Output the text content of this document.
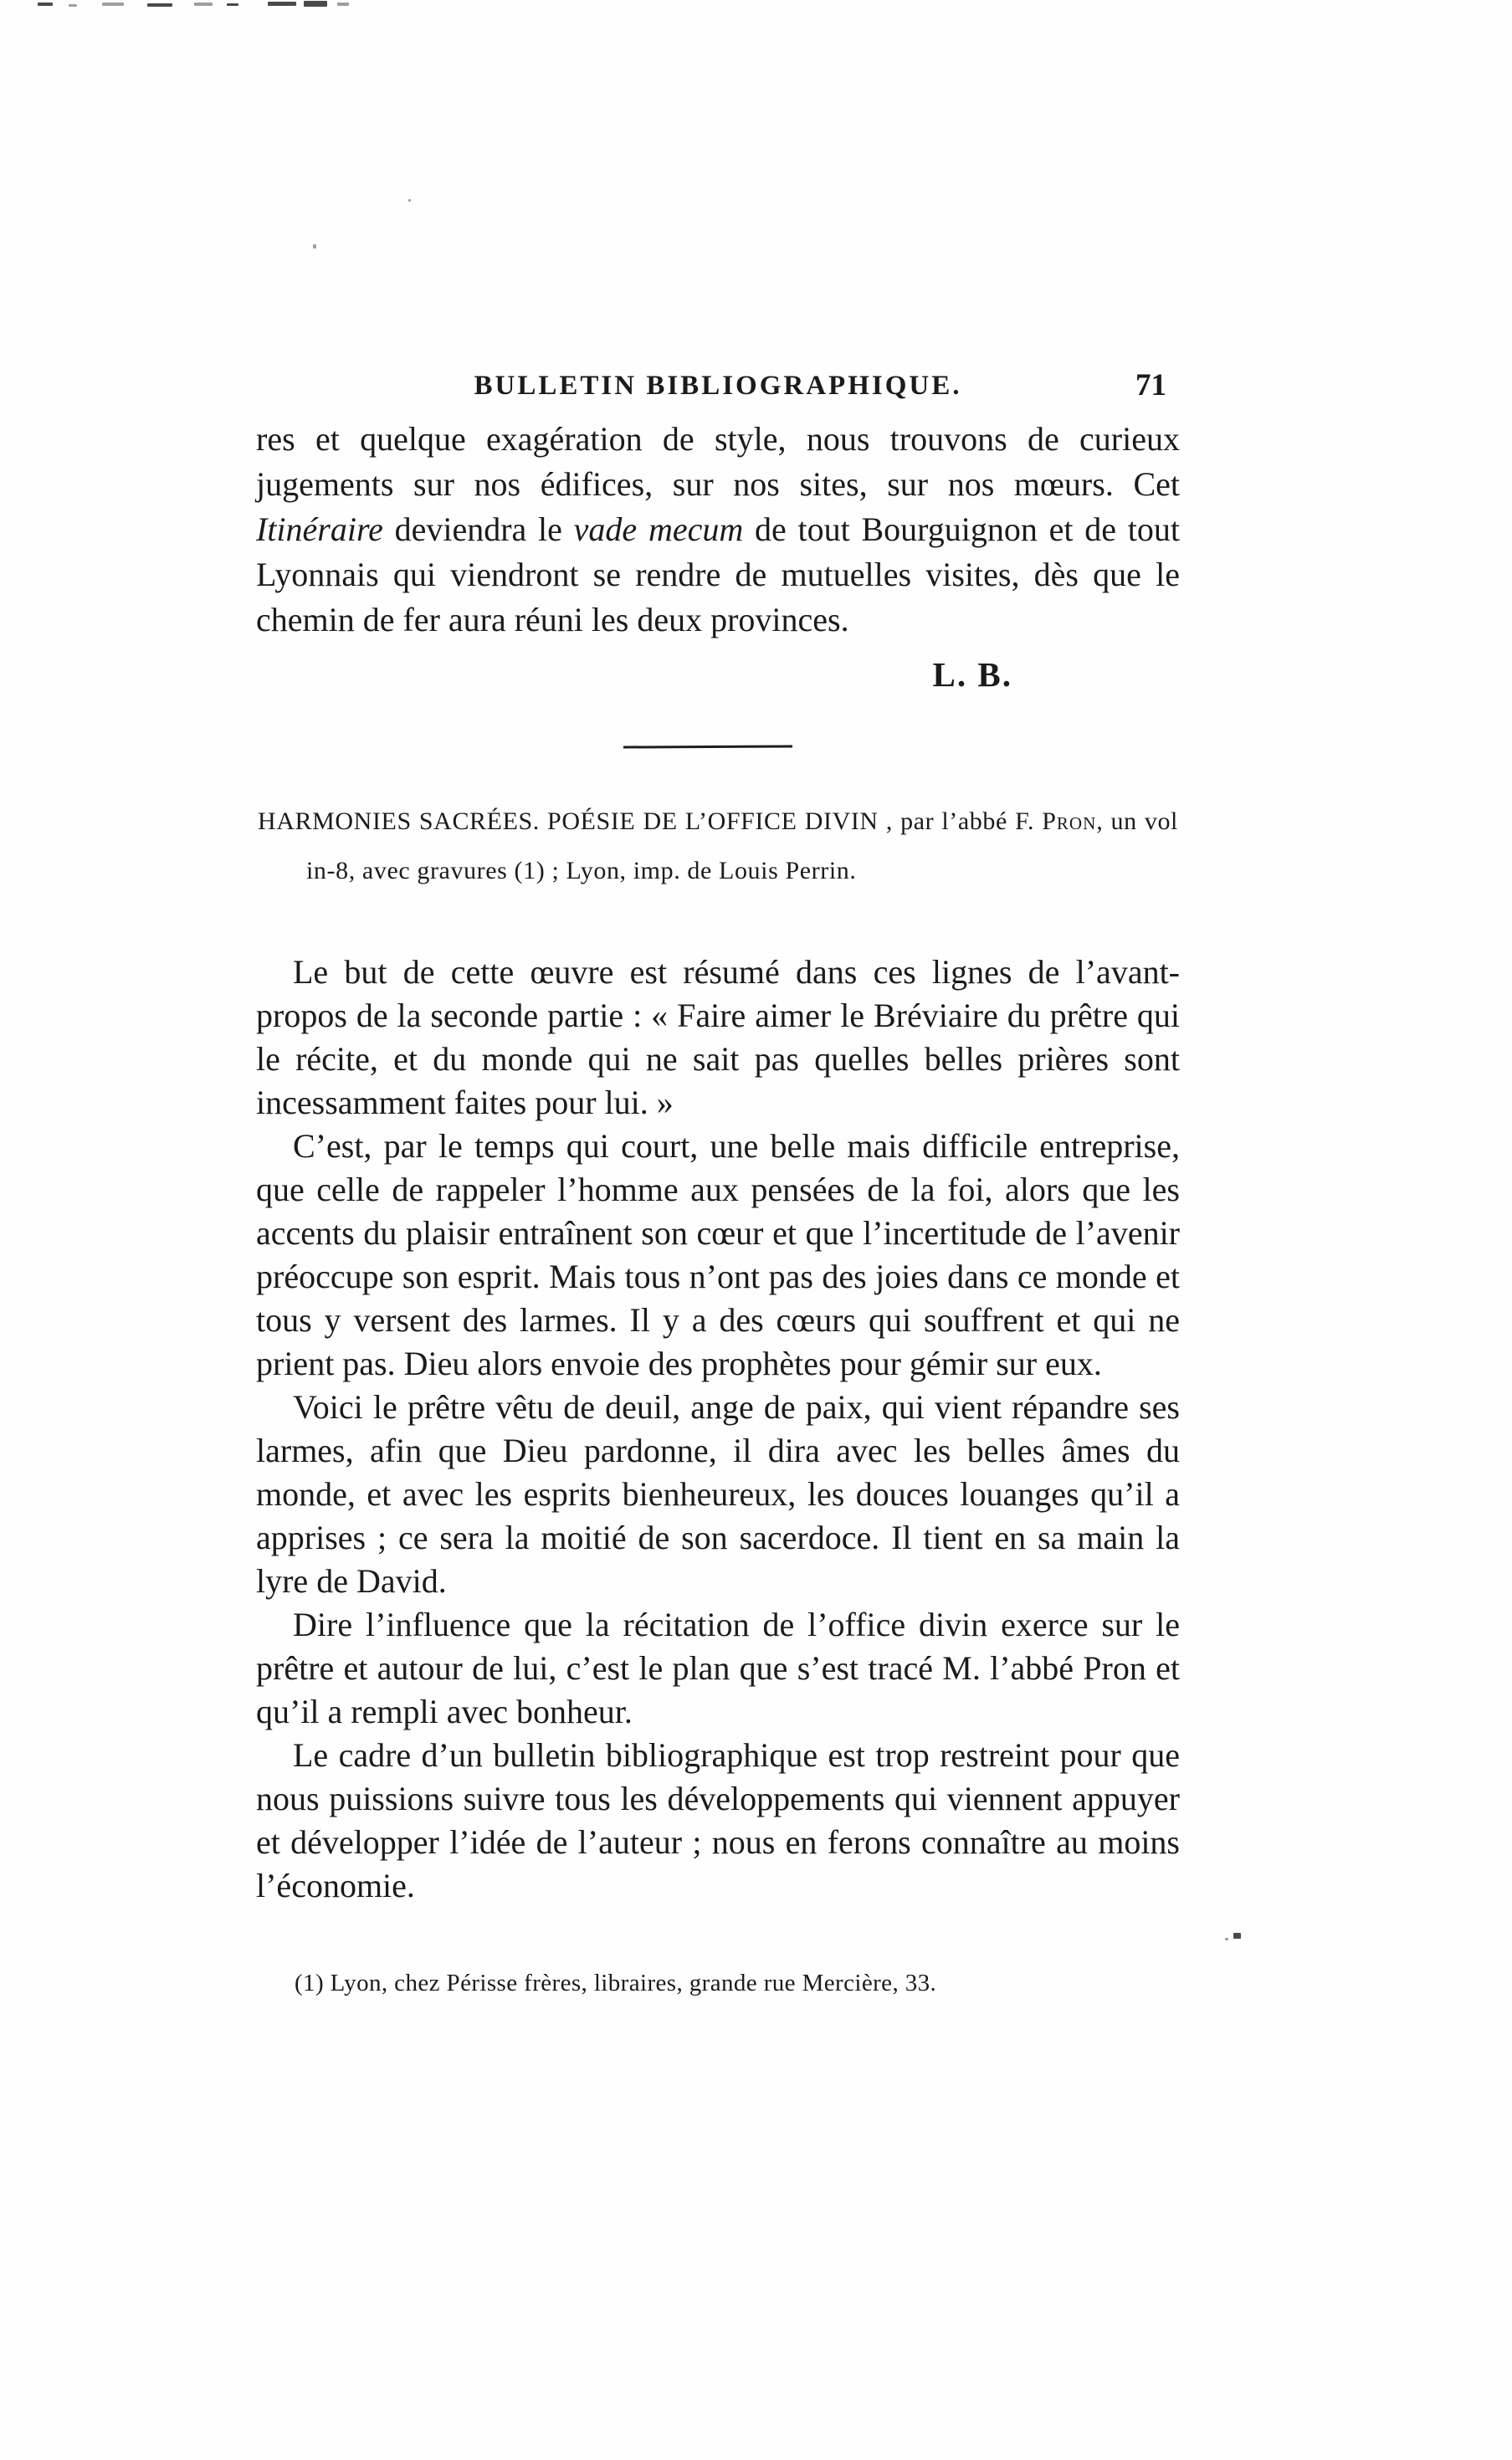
BULLETIN BIBLIOGRAPHIQUE.	71

res et quelque exagération de style, nous trouvons de curieux jugements sur nos édifices, sur nos sites, sur nos mœurs. Cet Itinéraire deviendra le vade mecum de tout Bourguignon et de tout Lyonnais qui viendront se rendre de mutuelles visites, dès que le chemin de fer aura réuni les deux provinces.

L. B.

HARMONIES SACRÉES. POÉSIE DE L’OFFICE DIVIN , par l’abbé F. Pron, un vol in-8, avec gravures (1) ; Lyon, imp. de Louis Perrin.

Le but de cette œuvre est résumé dans ces lignes de l’avant-propos de la seconde partie : « Faire aimer le Bréviaire du prêtre qui le récite, et du monde qui ne sait pas quelles belles prières sont incessamment faites pour lui. »

C’est, par le temps qui court, une belle mais difficile entreprise, que celle de rappeler l’homme aux pensées de la foi, alors que les accents du plaisir entraînent son cœur et que l’incertitude de l’avenir préoccupe son esprit. Mais tous n’ont pas des joies dans ce monde et tous y versent des larmes. Il y a des cœurs qui souffrent et qui ne prient pas. Dieu alors envoie des prophètes pour gémir sur eux.

Voici le prêtre vêtu de deuil, ange de paix, qui vient répandre ses larmes, afin que Dieu pardonne, il dira avec les belles âmes du monde, et avec les esprits bienheureux, les douces louanges qu’il a apprises ; ce sera la moitié de son sacerdoce. Il tient en sa main la lyre de David.

Dire l’influence que la récitation de l’office divin exerce sur le prêtre et autour de lui, c’est le plan que s’est tracé M. l’abbé Pron et qu’il a rempli avec bonheur.

Le cadre d’un bulletin bibliographique est trop restreint pour que nous puissions suivre tous les développements qui viennent appuyer et développer l’idée de l’auteur ; nous en ferons connaître au moins l’économie.

(1) Lyon, chez Périsse frères, libraires, grande rue Mercière, 33.
